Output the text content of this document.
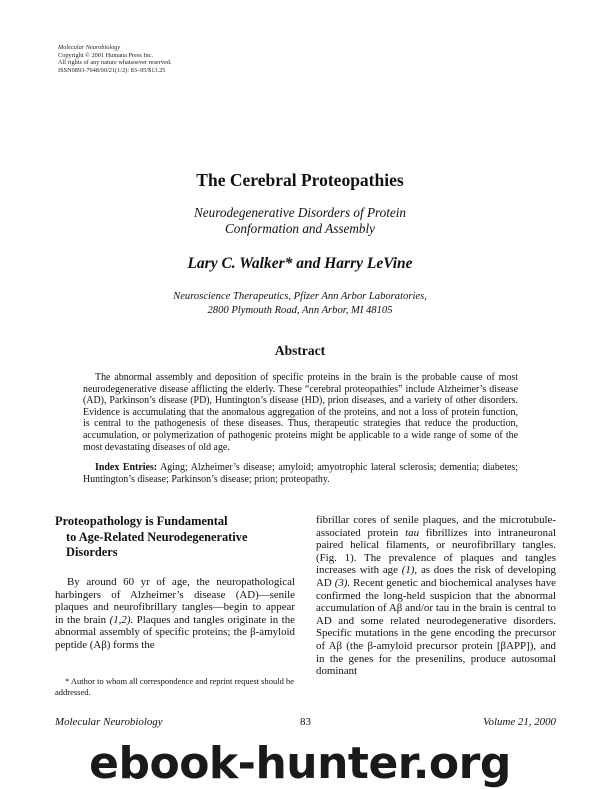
Molecular Neurobiology
Copyright © 2001 Humana Press Inc.
All rights of any nature whatsoever reserved.
ISSN0893-7648/00/21(1/2): 83–95/$13.25
The Cerebral Proteopathies
Neurodegenerative Disorders of Protein
Conformation and Assembly
Lary C. Walker* and Harry LeVine
Neuroscience Therapeutics, Pfizer Ann Arbor Laboratories,
2800 Plymouth Road, Ann Arbor, MI 48105
Abstract
The abnormal assembly and deposition of specific proteins in the brain is the probable cause of most neurodegenerative disease afflicting the elderly. These “cerebral proteopathies” include Alzheimer’s disease (AD), Parkinson’s disease (PD), Huntington’s disease (HD), prion diseases, and a variety of other disorders. Evidence is accumulating that the anomalous aggregation of the proteins, and not a loss of protein function, is central to the pathogenesis of these diseases. Thus, therapeutic strategies that reduce the production, accumulation, or polymerization of pathogenic proteins might be applicable to a wide range of some of the most devastating diseases of old age.
Index Entries: Aging; Alzheimer’s disease; amyloid; amyotrophic lateral sclerosis; dementia; diabetes; Huntington’s disease; Parkinson’s disease; prion; proteopathy.
Proteopathology is Fundamental
to Age-Related Neurodegenerative
Disorders
By around 60 yr of age, the neuropathological harbingers of Alzheimer’s disease (AD)—senile plaques and neurofibrillary tangles—begin to appear in the brain (1,2). Plaques and tangles originate in the abnormal assembly of specific proteins; the β-amyloid peptide (Aβ) forms the
* Author to whom all correspondence and reprint request should be addressed.
fibrillar cores of senile plaques, and the microtubule-associated protein tau fibrillizes into intraneuronal paired helical filaments, or neurofibrillary tangles. (Fig. 1). The prevalence of plaques and tangles increases with age (1), as does the risk of developing AD (3). Recent genetic and biochemical analyses have confirmed the long-held suspicion that the abnormal accumulation of Aβ and/or tau in the brain is central to AD and some related neurodegenerative disorders. Specific mutations in the gene encoding the precursor of Aβ (the β-amyloid precursor protein [βAPP]), and in the genes for the presenilins, produce autosomal dominant
Molecular Neurobiology	83	Volume 21, 2000
ebook-hunter.org
